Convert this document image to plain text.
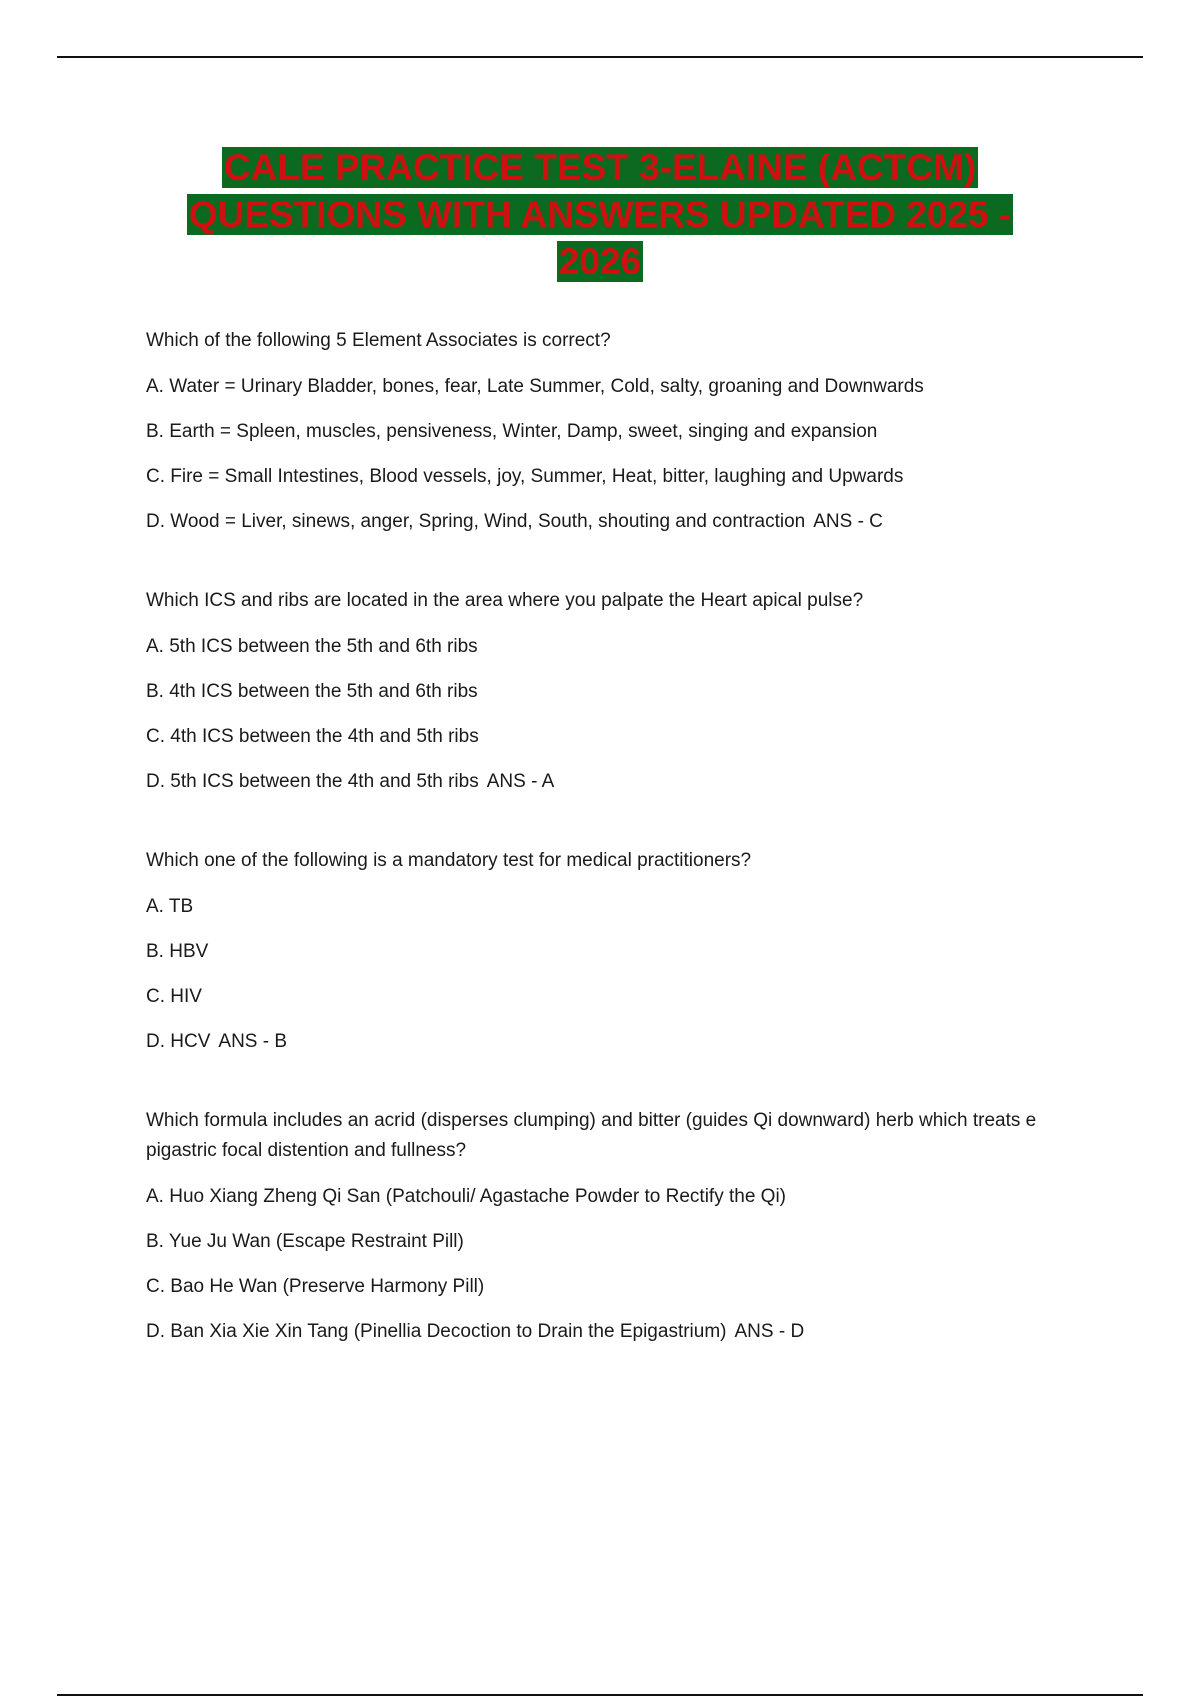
CALE PRACTICE TEST 3-ELAINE (ACTCM) QUESTIONS WITH ANSWERS UPDATED 2025 - 2026
Which of the following 5 Element Associates is correct?
A. Water = Urinary Bladder, bones, fear, Late Summer, Cold, salty, groaning and Downwards
B. Earth = Spleen, muscles, pensiveness, Winter, Damp, sweet, singing and expansion
C. Fire = Small Intestines, Blood vessels, joy, Summer, Heat, bitter, laughing and Upwards
D. Wood = Liver, sinews, anger, Spring, Wind, South, shouting and contraction ANS - C
Which ICS and ribs are located in the area where you palpate the Heart apical pulse?
A. 5th ICS between the 5th and 6th ribs
B. 4th ICS between the 5th and 6th ribs
C. 4th ICS between the 4th and 5th ribs
D. 5th ICS between the 4th and 5th ribs ANS - A
Which one of the following is a mandatory test for medical practitioners?
A. TB
B. HBV
C. HIV
D. HCV ANS - B
Which formula includes an acrid (disperses clumping) and bitter (guides Qi downward) herb which treats e pigastric focal distention and fullness?
A. Huo Xiang Zheng Qi San (Patchouli/ Agastache Powder to Rectify the Qi)
B. Yue Ju Wan (Escape Restraint Pill)
C. Bao He Wan (Preserve Harmony Pill)
D. Ban Xia Xie Xin Tang (Pinellia Decoction to Drain the Epigastrium) ANS - D
